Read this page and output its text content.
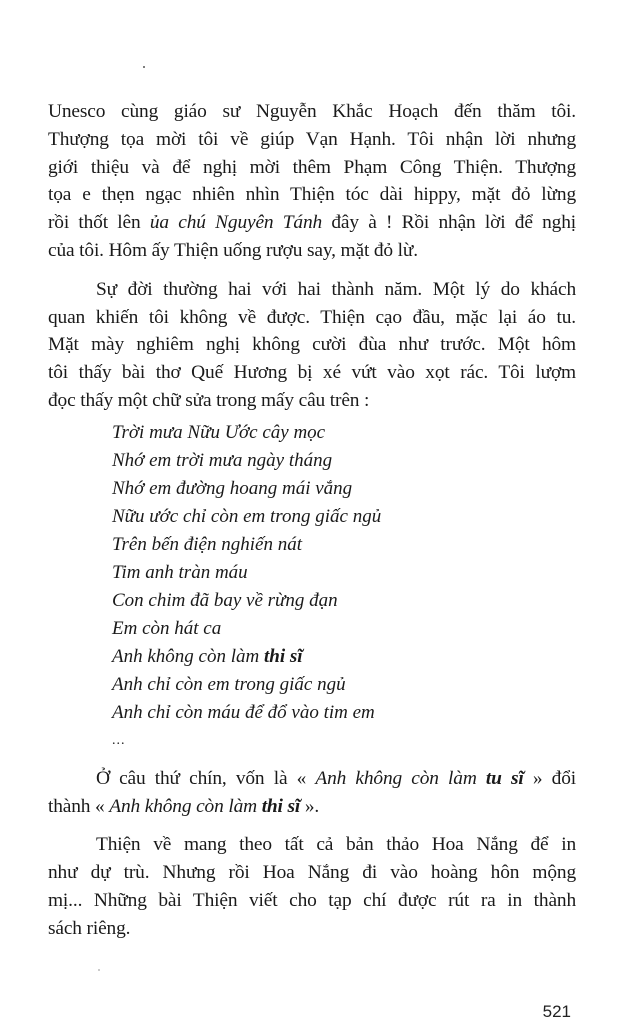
Unesco cùng giáo sư Nguyễn Khắc Hoạch đến thăm tôi.
Thượng tọa mời tôi về giúp Vạn Hạnh. Tôi nhận lời nhưng
giới thiệu và để nghị mời thêm Phạm Công Thiện. Thượng
tọa e thẹn ngạc nhiên nhìn Thiện tóc dài hippy, mặt đỏ lừng
rồi thốt lên ủa chú Nguyên Tánh đây à ! Rồi nhận lời để nghị
của tôi. Hôm ấy Thiện uống rượu say, mặt đỏ lừ.

Sự đời thường hai với hai thành năm. Một lý do khách
quan khiến tôi không về được. Thiện cạo đầu, mặc lại áo tu.
Mặt mày nghiêm nghị không cười đùa như trước. Một hôm
tôi thấy bài thơ Quế Hương bị xé vứt vào xọt rác. Tôi lượm
đọc thấy một chữ sửa trong mấy câu trên :

Trời mưa Nữu Ước cây mọc
Nhớ em trời mưa ngày tháng
Nhớ em đường hoang mái vắng
Nữu ước chỉ còn em trong giấc ngủ
Trên bến điện nghiến nát
Tim anh tràn máu
Con chim đã bay về rừng đạn
Em còn hát ca
Anh không còn làm thi sĩ
Anh chỉ còn em trong giấc ngủ
Anh chỉ còn máu để đổ vào tim em
...

Ở câu thứ chín, vốn là « Anh không còn làm tu sĩ » đổi
thành « Anh không còn làm thi sĩ ».

Thiện về mang theo tất cả bản thảo Hoa Nắng để in
như dự trù. Nhưng rồi Hoa Nắng đi vào hoàng hôn mộng
mị... Những bài Thiện viết cho tạp chí được rút ra in thành
sách riêng.

521
